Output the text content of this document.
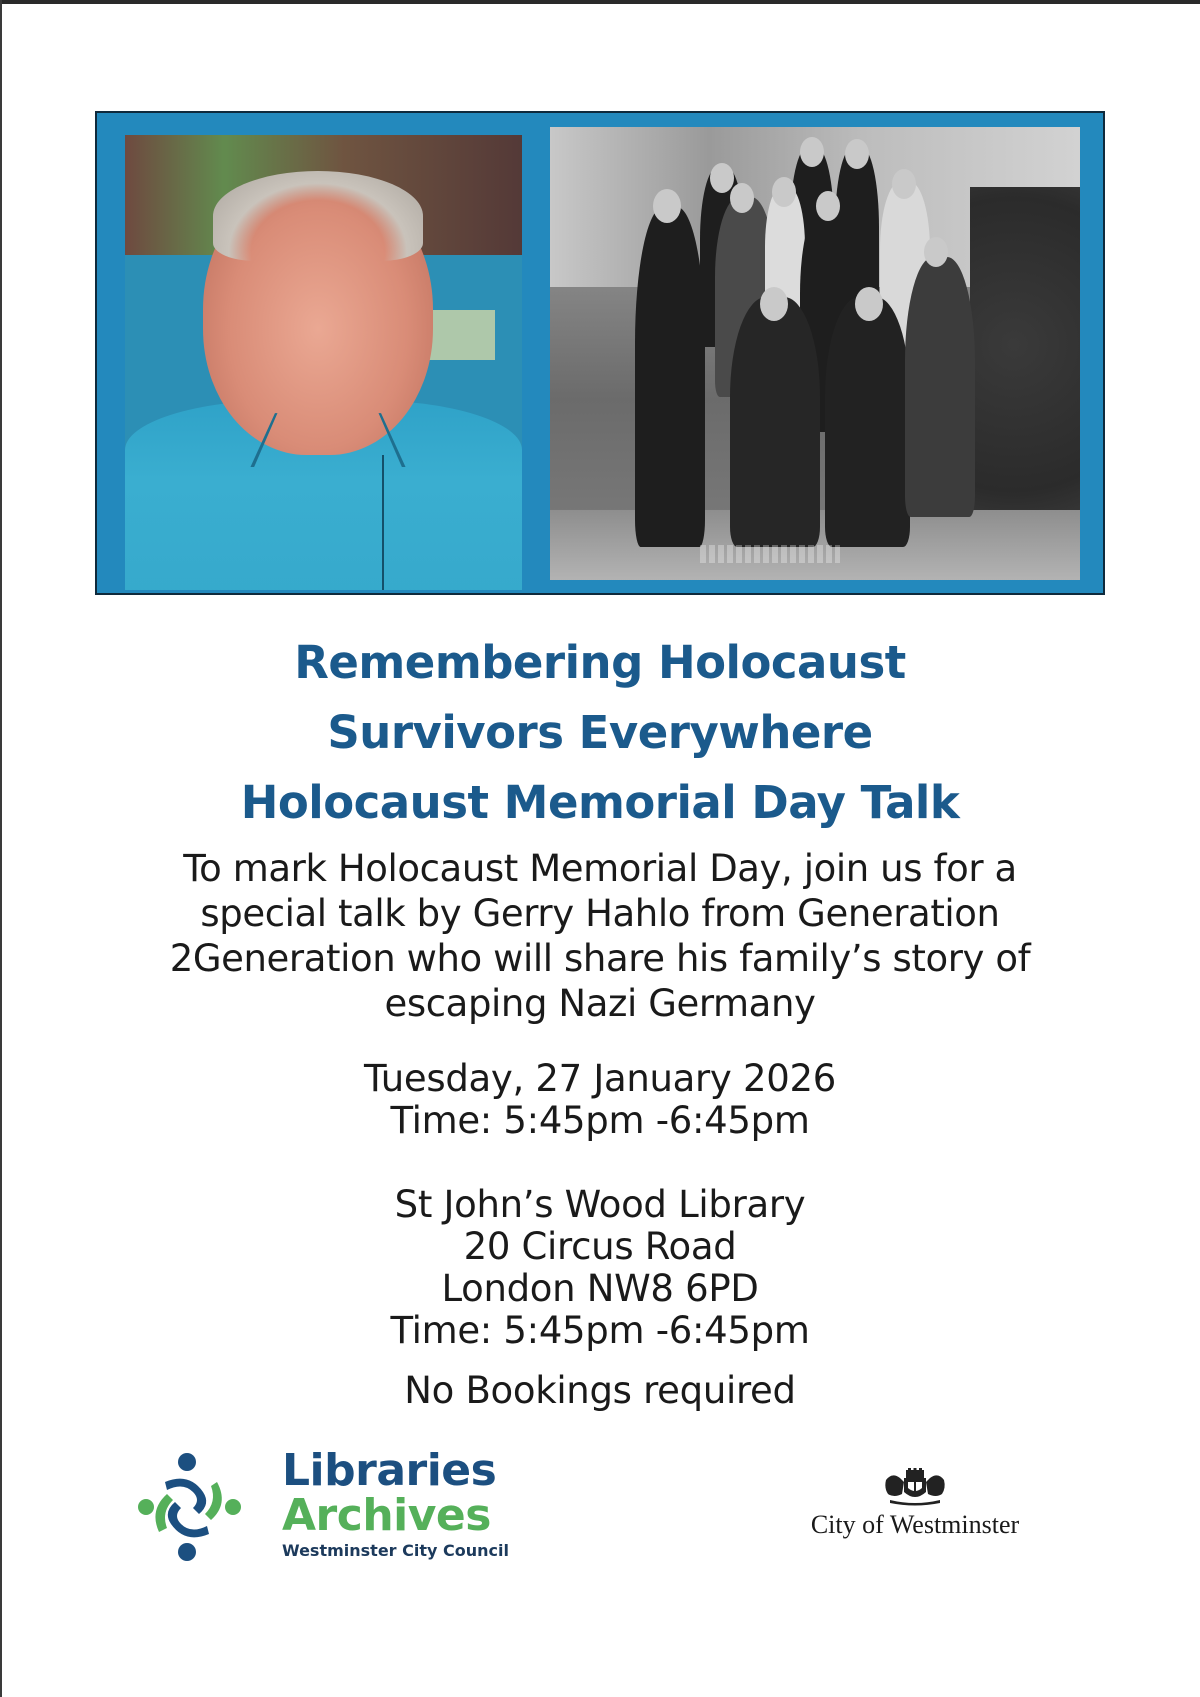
Remembering Holocaust
Survivors Everywhere
Holocaust Memorial Day Talk
To mark Holocaust Memorial Day, join us for a
special talk by Gerry Hahlo from Generation
2Generation who will share his family’s story of
escaping Nazi Germany
Tuesday, 27 January 2026
Time: 5:45pm -6:45pm
St John’s Wood Library
20 Circus Road
London NW8 6PD
Time: 5:45pm -6:45pm
No Bookings required
Libraries
Archives
Westminster City Council
City of Westminster
